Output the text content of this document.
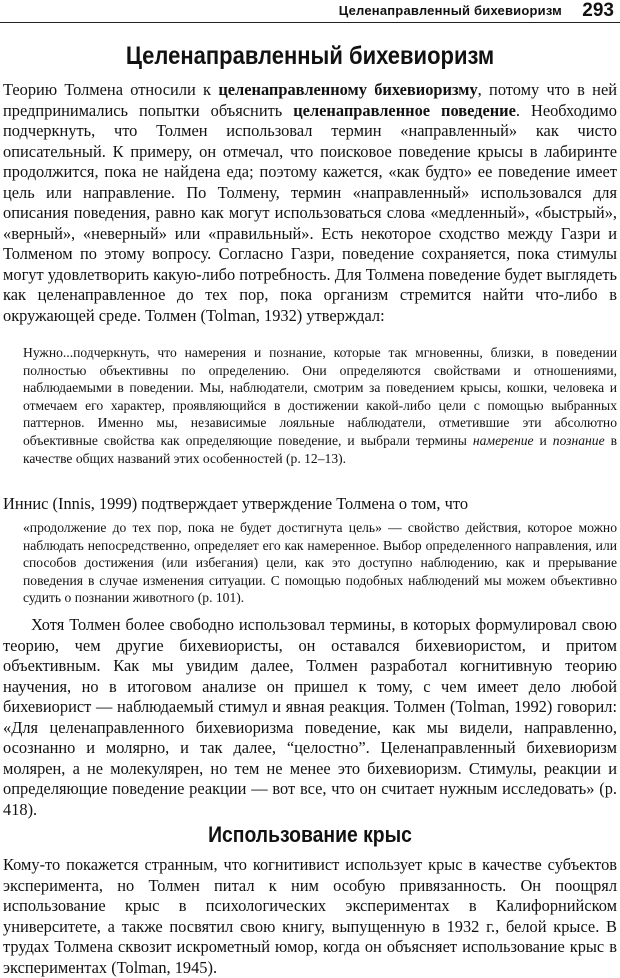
Целенаправленный бихевиоризм 293
Целенаправленный бихевиоризм

Теорию Толмена относили к целенаправленному бихевиоризму, потому что в ней предпринимались попытки объяснить целенаправленное поведение. Необходимо подчеркнуть, что Толмен использовал термин «направленный» как чисто описательный. К примеру, он отмечал, что поисковое поведение крысы в лабиринте продолжится, пока не найдена еда; поэтому кажется, «как будто» ее поведение имеет цель или направление. По Толмену, термин «направленный» использовался для описания поведения, равно как могут использоваться слова «медленный», «быстрый», «верный», «неверный» или «правильный». Есть некоторое сходство между Газри и Толменом по этому вопросу. Согласно Газри, поведение сохраняется, пока стимулы могут удовлетворить какую-либо потребность. Для Толмена поведение будет выглядеть как целенаправленное до тех пор, пока организм стремится найти что-либо в окружающей среде. Толмен (Tolman, 1932) утверждал:

Нужно...подчеркнуть, что намерения и познание, которые так мгновенны, близки, в поведении полностью объективны по определению. Они определяются свойствами и отношениями, наблюдаемыми в поведении. Мы, наблюдатели, смотрим за поведением крысы, кошки, человека и отмечаем его характер, проявляющийся в достижении какой-либо цели с помощью выбранных паттернов. Именно мы, независимые лояльные наблюдатели, отметившие эти абсолютно объективные свойства как определяющие поведение, и выбрали термины намерение и познание в качестве общих названий этих особенностей (р. 12–13).

Иннис (Innis, 1999) подтверждает утверждение Толмена о том, что

«продолжение до тех пор, пока не будет достигнута цель» — свойство действия, которое можно наблюдать непосредственно, определяет его как намеренное. Выбор определенного направления, или способов достижения (или избегания) цели, как это доступно наблюдению, как и прерывание поведения в случае изменения ситуации. С помощью подобных наблюдений мы можем объективно судить о познании животного (р. 101).

Хотя Толмен более свободно использовал термины, в которых формулировал свою теорию, чем другие бихевиористы, он оставался бихевиористом, и притом объективным. Как мы увидим далее, Толмен разработал когнитивную теорию научения, но в итоговом анализе он пришел к тому, с чем имеет дело любой бихевиорист — наблюдаемый стимул и явная реакция. Толмен (Tolman, 1992) говорил: «Для целенаправленного бихевиоризма поведение, как мы видели, направленно, осознанно и молярно, и так далее, “целостно”. Целенаправленный бихевиоризм молярен, а не молекулярен, но тем не менее это бихевиоризм. Стимулы, реакции и определяющие поведение реакции — вот все, что он считает нужным исследовать» (р. 418).

Использование крыс

Кому-то покажется странным, что когнитивист использует крыс в качестве субъектов эксперимента, но Толмен питал к ним особую привязанность. Он поощрял использование крыс в психологических экспериментах в Калифорнийском университете, а также посвятил свою книгу, выпущенную в 1932 г., белой крысе. В трудах Толмена сквозит искрометный юмор, когда он объясняет использование крыс в экспериментах (Tolman, 1945).
